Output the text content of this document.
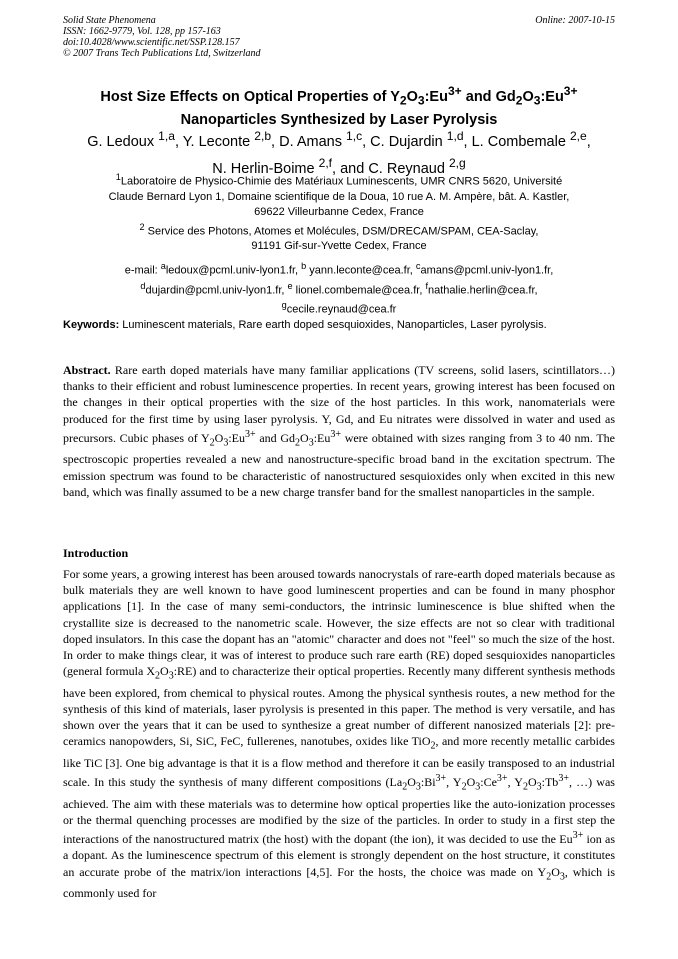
Solid State Phenomena
ISSN: 1662-9779, Vol. 128, pp 157-163
doi:10.4028/www.scientific.net/SSP.128.157
© 2007 Trans Tech Publications Ltd, Switzerland
Online: 2007-10-15
Host Size Effects on Optical Properties of $Y_2O_3:Eu^{3+}$ and $Gd_2O_3:Eu^{3+}$
Nanoparticles Synthesized by Laser Pyrolysis
G. Ledoux $^{1,a}$, Y. Leconte $^{2,b}$, D. Amans $^{1,c}$, C. Dujardin $^{1,d}$, L. Combemale $^{2,e}$,
N. Herlin-Boime $^{2,f}$, and C. Reynaud $^{2,g}$
$^1$Laboratoire de Physico-Chimie des Matériaux Luminescents, UMR CNRS 5620, Université
Claude Bernard Lyon 1, Domaine scientifique de la Doua, 10 rue A. M. Ampère, bât. A. Kastler,
69622 Villeurbanne Cedex, France
$^2$ Service des Photons, Atomes et Molécules, DSM/DRECAM/SPAM, CEA-Saclay,
91191 Gif-sur-Yvette Cedex, France
e-mail: $^a$ledoux@pcml.univ-lyon1.fr, $^b$ yann.leconte@cea.fr, $^c$amans@pcml.univ-lyon1.fr,
$^d$dujardin@pcml.univ-lyon1.fr, $^e$ lionel.combemale@cea.fr, $^f$nathalie.herlin@cea.fr,
$^g$cecile.reynaud@cea.fr
Keywords: Luminescent materials, Rare earth doped sesquioxides, Nanoparticles, Laser pyrolysis.
Abstract. Rare earth doped materials have many familiar applications (TV screens, solid lasers, scintillators…) thanks to their efficient and robust luminescence properties. In recent years, growing interest has been focused on the changes in their optical properties with the size of the host particles. In this work, nanomaterials were produced for the first time by using laser pyrolysis. Y, Gd, and Eu nitrates were dissolved in water and used as precursors. Cubic phases of $Y_2O_3:Eu^{3+}$ and $Gd_2O_3:Eu^{3+}$ were obtained with sizes ranging from 3 to 40 nm. The spectroscopic properties revealed a new and nanostructure-specific broad band in the excitation spectrum. The emission spectrum was found to be characteristic of nanostructured sesquioxides only when excited in this new band, which was finally assumed to be a new charge transfer band for the smallest nanoparticles in the sample.
Introduction
For some years, a growing interest has been aroused towards nanocrystals of rare-earth doped materials because as bulk materials they are well known to have good luminescent properties and can be found in many phosphor applications [1]. In the case of many semi-conductors, the intrinsic luminescence is blue shifted when the crystallite size is decreased to the nanometric scale. However, the size effects are not so clear with traditional doped insulators. In this case the dopant has an "atomic" character and does not "feel" so much the size of the host. In order to make things clear, it was of interest to produce such rare earth (RE) doped sesquioxides nanoparticles (general formula $X_2O_3:RE$) and to characterize their optical properties. Recently many different synthesis methods have been explored, from chemical to physical routes. Among the physical synthesis routes, a new method for the synthesis of this kind of materials, laser pyrolysis is presented in this paper. The method is very versatile, and has shown over the years that it can be used to synthesize a great number of different nanosized materials [2]: pre-ceramics nanopowders, Si, SiC, FeC, fullerenes, nanotubes, oxides like TiO$_2$, and more recently metallic carbides like TiC [3]. One big advantage is that it is a flow method and therefore it can be easily transposed to an industrial scale. In this study the synthesis of many different compositions ($La_2O_3:Bi^{3+}$, $Y_2O_3:Ce^{3+}$, $Y_2O_3:Tb^{3+}$, …) was achieved. The aim with these materials was to determine how optical properties like the auto-ionization processes or the thermal quenching processes are modified by the size of the particles. In order to study in a first step the interactions of the nanostructured matrix (the host) with the dopant (the ion), it was decided to use the $Eu^{3+}$ ion as a dopant. As the luminescence spectrum of this element is strongly dependent on the host structure, it constitutes an accurate probe of the matrix/ion interactions [4,5]. For the hosts, the choice was made on $Y_2O_3$, which is commonly used for
